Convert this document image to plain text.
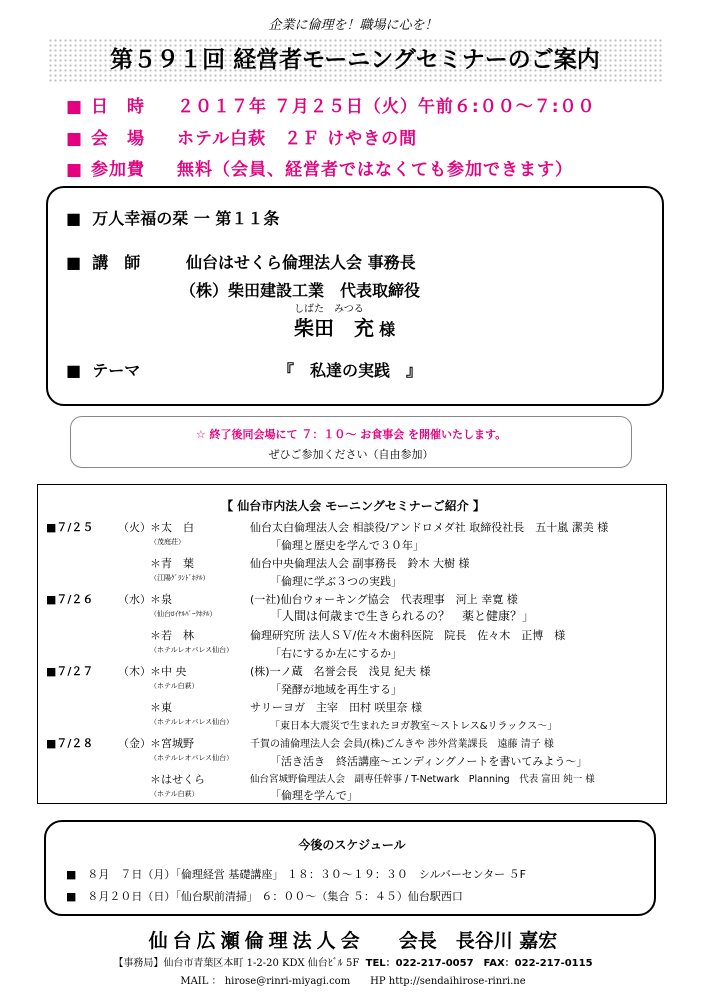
企業に倫理を！職場に心を！
第５９１回 経営者モーニングセミナーのご案内
■ 日　時 ２０１７年 ７月２５日（火）午前６:００～７:００
■ 会　場 ホテル白萩　２Ｆ けやきの間
■ 参加費 無料（会員、経営者ではなくても参加できます）
■ 万人幸福の栞 一 第１１条
■ 講　師	仙台はせくら倫理法人会 事務長
（株）柴田建設工業　代表取締役
しばた　みつる
柴田　充 様
■ テーマ	『　私達の実践　』
☆ 終了後同会場にて ７：１０～ お食事会 を開催いたします。
ぜひご参加ください（自由参加）
【 仙台市内法人会 モーニングセミナーご紹介 】
■７/２５ （火） ＊太　白	仙台太白倫理法人会 相談役/アンドロメダ社 取締役社長　五十嵐 潔美 様
（茂庭荘）	「倫理と歴史を学んで３０年」
＊青　葉	仙台中央倫理法人会 副事務長　鈴木 大樹 様
（江陽ｸﾞﾗﾝﾄﾞﾎﾃﾙ）	「倫理に学ぶ３つの実践」
■７/２６ （水） ＊泉	(一社)仙台ウォーキング協会　代表理事　河上 幸寛 様
（仙台ﾛｲﾔﾙﾊﾟｰｸﾎﾃﾙ）	「人間は何歳まで生きられるの？　薬と健康？」
＊若　林	倫理研究所 法人ＳＶ/佐々木歯科医院　院長　佐々木　正博　様
（ホテルレオパレス仙台）	「右にするか左にするか」
■７/２７ （木） ＊中 央	(株)一ノ蔵　名誉会長　浅見 紀夫 様
（ホテル白萩）	「発酵が地域を再生する」
＊東	サリーヨガ　主宰　田村 咲里奈 様
（ホテルレオパレス仙台）	「東日本大震災で生まれたヨガ教室～ストレス&リラックス～」
■７/２８ （金） ＊宮城野	千賀の浦倫理法人会 会員/(株)ごんきや 渉外営業課長　遠藤 清子 様
（ホテルレオパレス仙台）	「活き活き　終活講座～エンディングノートを書いてみよう～」
＊はせくら	仙台宮城野倫理法人会　副専任幹事 / T-Netwark　Planning　代表 富田 純一 様
（ホテル白萩）	「倫理を学んで」
今後のスケジュール
■　８月　７日（月）「倫理経営 基礎講座」 １８：３０～１９：３０　シルバーセンター ５F
■　８月２０日（日）「仙台駅前清掃」 ６：００～（集合 ５：４５）仙台駅西口
仙台広瀬倫理法人会 会長　長谷川 嘉宏
【事務局】仙台市青葉区本町 1-2-20 KDX 仙台ﾋﾞﾙ 5F TEL：022-217-0057　FAX：022-217-0115
MAIL ： hirose@rinri-miyagi.com　　HP http://sendaihirose-rinri.ne
